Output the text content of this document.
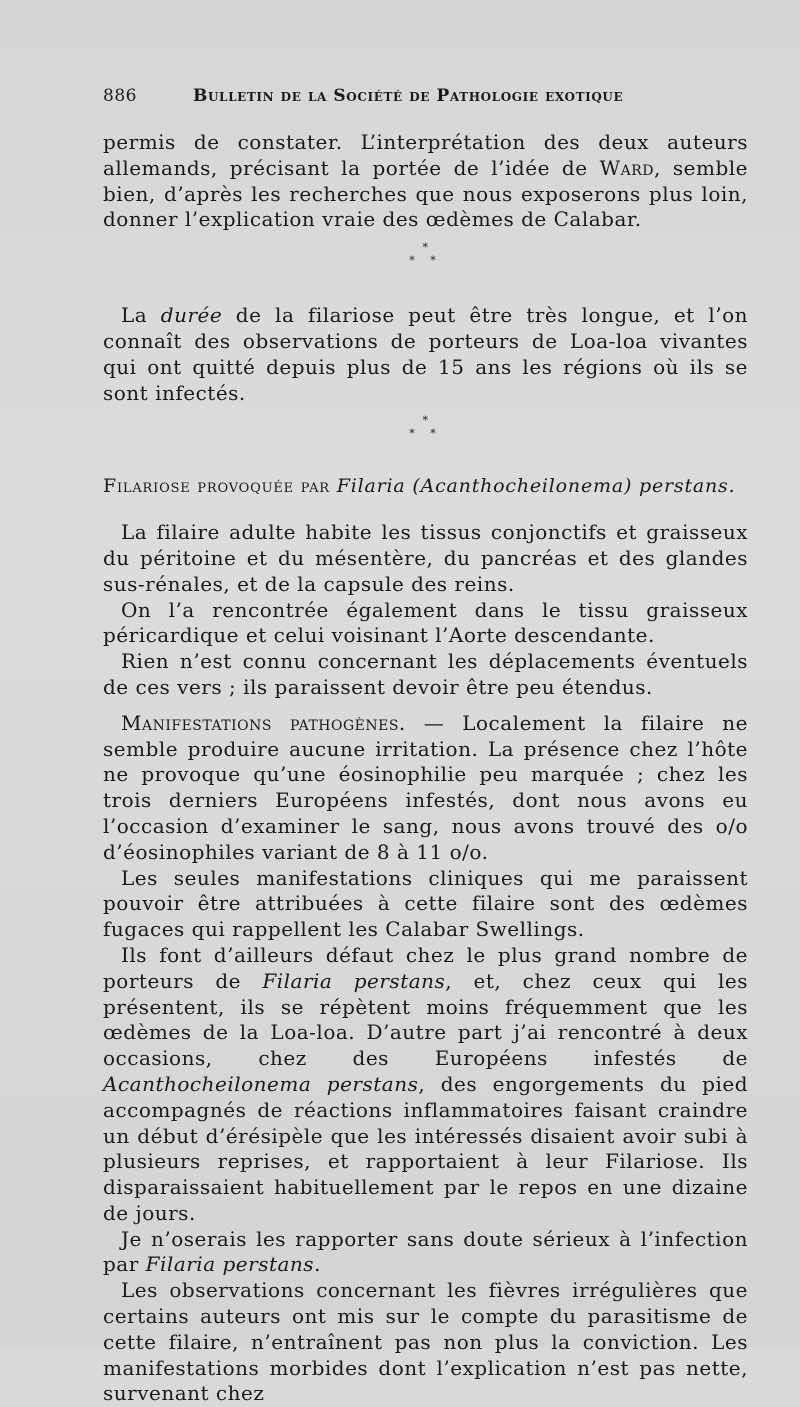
886	Bulletin de la Société de Pathologie exotique

permis de constater. L’interprétation des deux auteurs allemands, précisant la portée de l’idée de Ward, semble bien, d’après les recherches que nous exposerons plus loin, donner l’explication vraie des œdèmes de Calabar.

*
* *

La durée de la filariose peut être très longue, et l’on connaît des observations de porteurs de Loa-loa vivantes qui ont quitté depuis plus de 15 ans les régions où ils se sont infectés.

*
* *
Filariose provoquée par Filaria (Acanthocheilonema) perstans.

La filaire adulte habite les tissus conjonctifs et graisseux du péritoine et du mésentère, du pancréas et des glandes sus-rénales, et de la capsule des reins.

On l’a rencontrée également dans le tissu graisseux péricardique et celui voisinant l’Aorte descendante.

Rien n’est connu concernant les déplacements éventuels de ces vers ; ils paraissent devoir être peu étendus.

Manifestations pathogènes. — Localement la filaire ne semble produire aucune irritation. La présence chez l’hôte ne provoque qu’une éosinophilie peu marquée ; chez les trois derniers Européens infestés, dont nous avons eu l’occasion d’examiner le sang, nous avons trouvé des o/o d’éosinophiles variant de 8 à 11 o/o.

Les seules manifestations cliniques qui me paraissent pouvoir être attribuées à cette filaire sont des œdèmes fugaces qui rappellent les Calabar Swellings.

Ils font d’ailleurs défaut chez le plus grand nombre de porteurs de Filaria perstans, et, chez ceux qui les présentent, ils se répètent moins fréquemment que les œdèmes de la Loa-loa. D’autre part j’ai rencontré à deux occasions, chez des Européens infestés de Acanthocheilonema perstans, des engorgements du pied accompagnés de réactions inflammatoires faisant craindre un début d’érésipèle que les intéressés disaient avoir subi à plusieurs reprises, et rapportaient à leur Filariose. Ils disparaissaient habituellement par le repos en une dizaine de jours.

Je n’oserais les rapporter sans doute sérieux à l’infection par Filaria perstans.

Les observations concernant les fièvres irrégulières que certains auteurs ont mis sur le compte du parasitisme de cette filaire, n’entraînent pas non plus la conviction. Les manifestations morbides dont l’explication n’est pas nette, survenant chez
